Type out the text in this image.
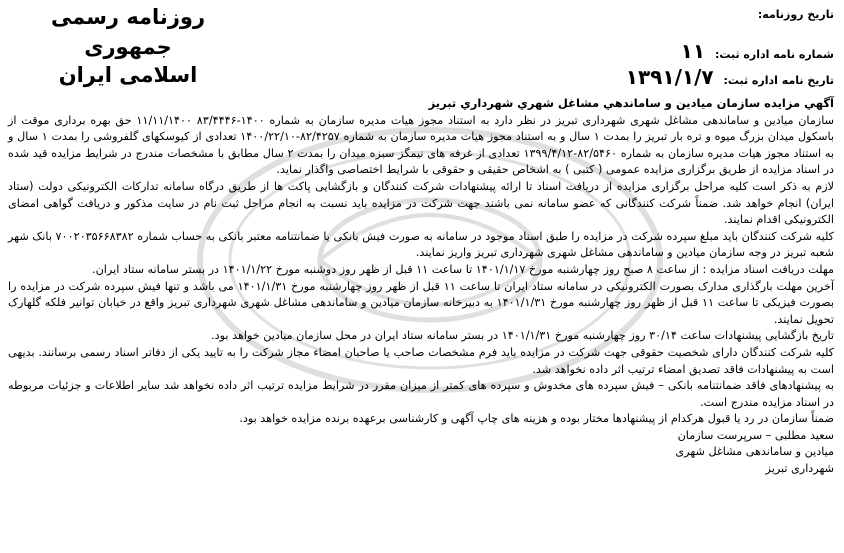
روزنامه رسمی جمهوری
اسلامی ایران
تاریخ روزنامه:
شماره نامه اداره ثبت: ۱۱
تاریخ نامه اداره ثبت: ۱۳۹۱/۱/۷

آگهي مزايده سازمان ميادين و ساماندهي مشاغل شهري شهرداري تبريز

سازمان میادین و ساماندهی مشاغل شهری شهرداری تبریز در نظر دارد به استناد مجوز هیات مدیره سازمان به شماره ۱۴۰۰-۸۳/۴۴۴۶ ۱۱/۱۱/۱۴۰۰ حق بهره برداری موقت از باسکول میدان بزرگ میوه و تره بار تبریز را بمدت ۱ سال و به استناد مجوز هیات مدیره سازمان به شماره ۸۲/۴۲۵۷-۱۴۰۰/۲۲/۱۰ تعدادی از کیوسکهای گلفروشی را بمدت ۱ سال و به استناد مجوز هیات مدیره سازمان به شماره ۸۲/۵۴۶۰-۱۳۹۹/۴/۱۲ تعدادی از غرفه های نیمگز سبزه میدان را بمدت ۲ سال مطابق با مشخصات مندرج در شرایط مزایده قید شده در اسناد مزایده از طریق برگزاری مزایده عمومی ( کتبی ) به اشخاص حقیقی و حقوقی با شرایط اختصاصی واگذار نماید.

لازم به ذکر است کلیه مراحل برگزاری مزایده از دریافت اسناد تا ارائه پیشنهادات شرکت کنندگان و بازگشایی پاکت ها از طریق درگاه سامانه تدارکات الکترونیکی دولت (ستاد ایران) انجام خواهد شد. ضمناً شرکت کنندگانی که عضو سامانه نمی باشند جهت شرکت در مزایده باید نسبت به انجام مراحل ثبت نام در سایت مذکور و دریافت گواهی امضای الکترونیکی اقدام نمایند.

کلیه شرکت کنندگان باید مبلغ سپرده شرکت در مزایده را طبق اسناد موجود در سامانه به صورت فیش بانکی یا ضمانتنامه معتبر بانکی به حساب شماره ۷۰۰۲۰۳۵۶۶۸۳۸۲ بانک شهر شعبه تبریز در وجه سازمان میادین و ساماندهی مشاغل شهری شهرداری تبریز واریز نمایند.

مهلت دریافت اسناد مزایده : از ساعت ۸ صبح روز چهارشنبه مورخ ۱۴۰۱/۱/۱۷ تا ساعت ۱۱ قبل از ظهر روز دوشنبه مورخ ۱۴۰۱/۱/۲۲ در بستر سامانه ستاد ایران.

آخرین مهلت بارگذاری مدارک بصورت الکترونیکی در سامانه ستاد ایران تا ساعت ۱۱ قبل از ظهر روز چهارشنبه مورخ ۱۴۰۱/۱/۳۱ می باشد و تنها فیش سپرده شرکت در مزایده را بصورت فیزیکی تا ساعت ۱۱ قبل از ظهر روز چهارشنبه مورخ ۱۴۰۱/۱/۳۱ به دبیرخانه سازمان میادین و ساماندهی مشاغل شهری شهرداری تبریز واقع در خیابان توانیر فلکه گلهارک تحویل نمایند.

تاریخ بازگشایی پیشنهادات ساعت ۳۰/۱۴ روز چهارشنبه مورخ ۱۴۰۱/۱/۳۱ در بستر سامانه ستاد ایران در محل سازمان میادین خواهد بود.

کلیه شرکت کنندگان دارای شخصیت حقوقی جهت شرکت در مزایده باید فرم مشخصات صاحب یا صاحبان امضاء مجاز شرکت را به تایید یکی از دفاتر اسناد رسمی برسانند. بدیهی است به پیشنهادات فاقد تصدیق امضاء ترتیب اثر داده نخواهد شد.

به پیشنهادهای فاقد ضمانتنامه بانکی – فیش سپرده های مخدوش و سپرده های کمتر از میزان مقرر در شرایط مزایده ترتیب اثر داده نخواهد شد سایر اطلاعات و جزئیات مربوطه در اسناد مزایده مندرج است.

ضمناً سازمان در رد یا قبول هرکدام از پیشنهادها مختار بوده و هزینه های چاپ آگهی و کارشناسی برعهده برنده مزایده خواهد بود.

سعید مطلبی – سرپرست سازمان

میادین و ساماندهی مشاغل شهری

شهرداری تبریز
